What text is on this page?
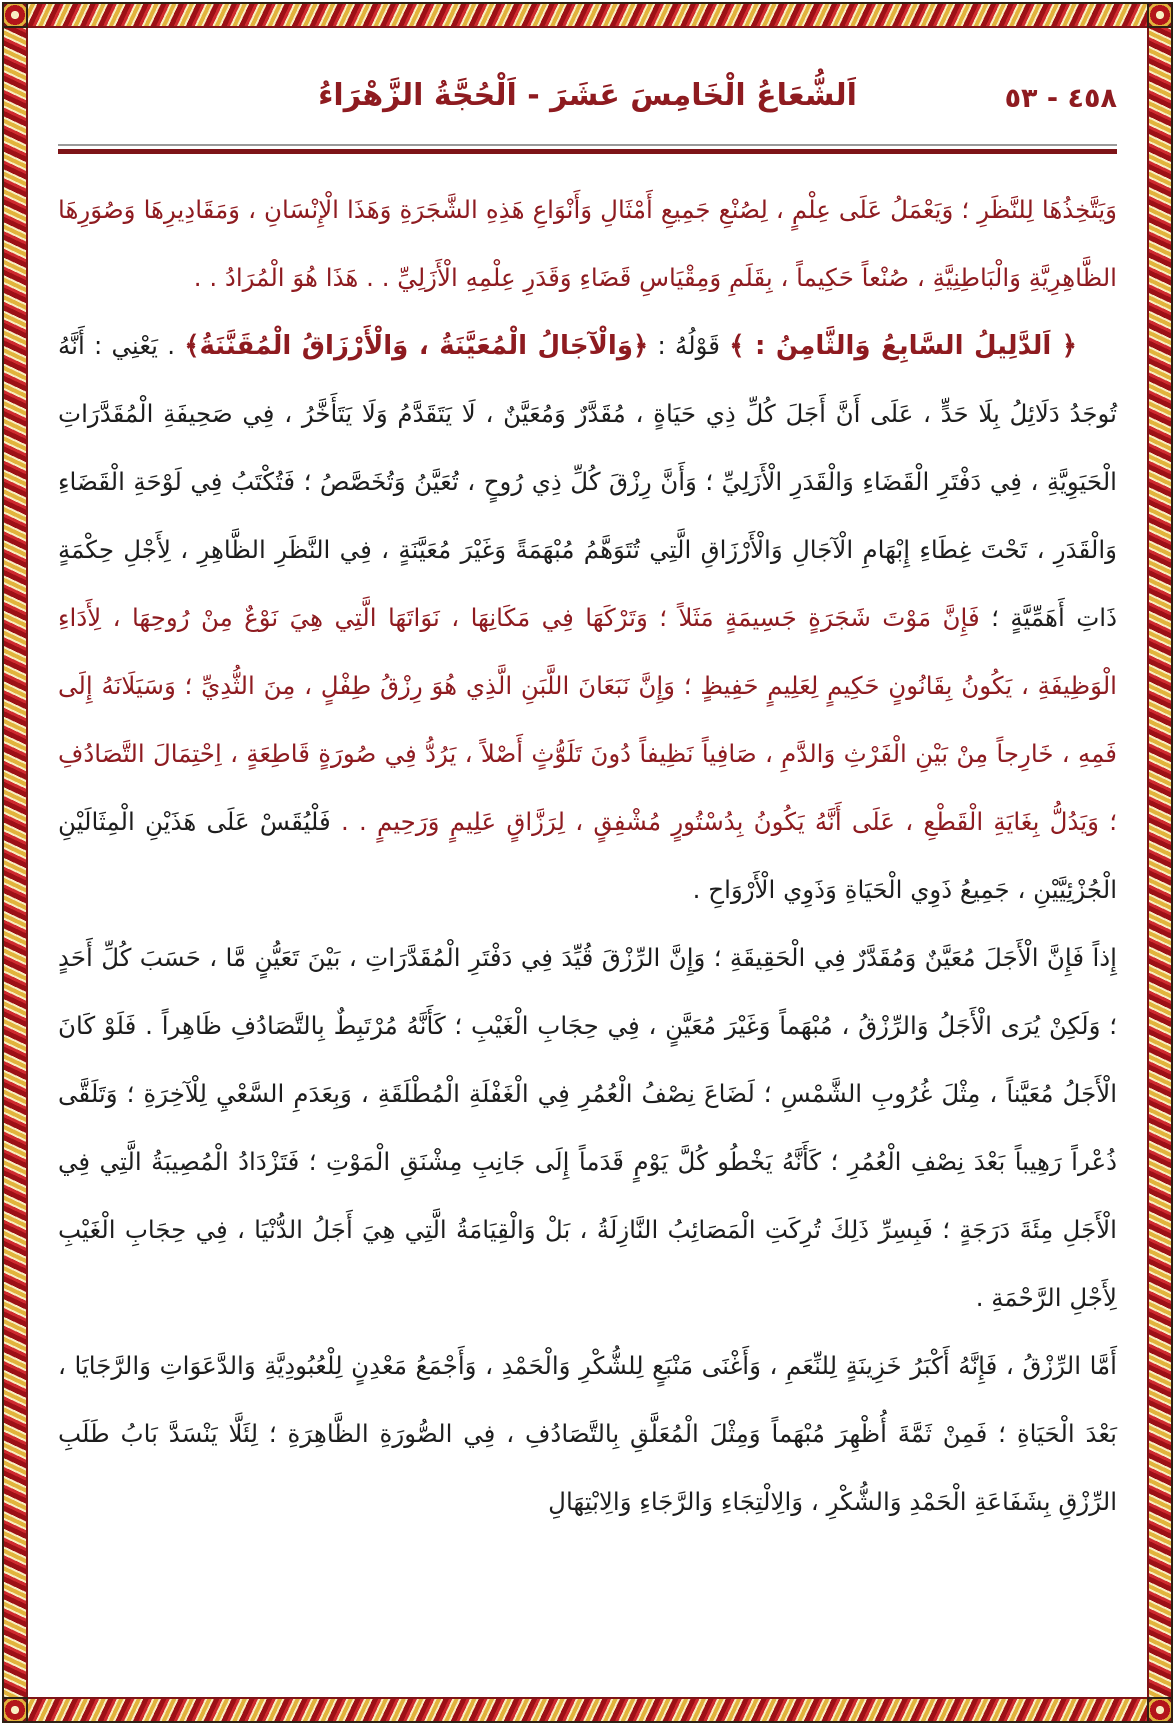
اَلشُّعَاعُ الْخَامِسَ عَشَرَ - اَلْحُجَّةُ الزَّهْرَاءُ	٤٥٨ - ٥٣

وَيَتَّخِذُهَا لِلنَّظَرِ ؛ وَيَعْمَلُ عَلَى عِلْمٍ ، لِصُنْعِ جَمِيعِ أَمْثَالِ وَأَنْوَاعِ هَذِهِ الشَّجَرَةِ وَهَذَا الْإِنْسَانِ ، وَمَقَادِيرِهَا وَصُوَرِهَا الظَّاهِرِيَّةِ وَالْبَاطِنِيَّةِ ، صُنْعاً حَكِيماً ، بِقَلَمِ وَمِقْيَاسِ قَضَاءِ وَقَدَرِ عِلْمِهِ الْأَزَلِيِّ . . هَذَا هُوَ الْمُرَادُ . .

﴿ اَلدَّلِيلُ السَّابِعُ وَالثَّامِنُ : ﴾ قَوْلُهُ : ﴿وَالْآجَالُ الْمُعَيَّنَةُ ، وَالْأَرْزَاقُ الْمُقَنَّنَةُ﴾ . يَعْنِي : أَنَّهُ تُوجَدُ دَلَائِلُ بِلَا حَدٍّ ، عَلَى أَنَّ أَجَلَ كُلِّ ذِي حَيَاةٍ ، مُقَدَّرٌ وَمُعَيَّنٌ ، لَا يَتَقَدَّمُ وَلَا يَتَأَخَّرُ ، فِي صَحِيفَةِ الْمُقَدَّرَاتِ الْحَيَوِيَّةِ ، فِي دَفْتَرِ الْقَضَاءِ وَالْقَدَرِ الْأَزَلِيِّ ؛ وَأَنَّ رِزْقَ كُلِّ ذِي رُوحٍ ، تُعَيَّنُ وَتُخَصَّصُ ؛ فَتُكْتَبُ فِي لَوْحَةِ الْقَضَاءِ وَالْقَدَرِ ، تَحْتَ غِطَاءِ إِبْهَامِ الْآجَالِ وَالْأَرْزَاقِ الَّتِي تُتَوَهَّمُ مُبْهَمَةً وَغَيْرَ مُعَيَّنَةٍ ، فِي النَّظَرِ الظَّاهِرِ ، لِأَجْلِ حِكْمَةٍ ذَاتِ أَهَمِّيَّةٍ ؛ فَإِنَّ مَوْتَ شَجَرَةٍ جَسِيمَةٍ مَثَلاً ؛ وَتَرْكَهَا فِي مَكَانِهَا ، نَوَاتَهَا الَّتِي هِيَ نَوْعٌ مِنْ رُوحِهَا ، لِأَدَاءِ الْوَظِيفَةِ ، يَكُونُ بِقَانُونٍ حَكِيمٍ لِعَلِيمٍ حَفِيظٍ ؛ وَإِنَّ نَبَعَانَ اللَّبَنِ الَّذِي هُوَ رِزْقُ طِفْلٍ ، مِنَ الثُّدِيِّ ؛ وَسَيَلَانَهُ إِلَى فَمِهِ ، خَارِجاً مِنْ بَيْنِ الْفَرْثِ وَالدَّمِ ، صَافِياً نَظِيفاً دُونَ تَلَوُّثٍ أَصْلاً ، يَرُدُّ فِي صُورَةٍ قَاطِعَةٍ ، اِحْتِمَالَ التَّصَادُفِ ؛ وَيَدُلُّ بِغَايَةِ الْقَطْعِ ، عَلَى أَنَّهُ يَكُونُ بِدُسْتُورٍ مُشْفِقٍ ، لِرَزَّاقٍ عَلِيمٍ وَرَحِيمٍ . . فَلْيُقَسْ عَلَى هَذَيْنِ الْمِثَالَيْنِ الْجُزْئِيَّيْنِ ، جَمِيعُ ذَوِي الْحَيَاةِ وَذَوِي الْأَرْوَاحِ .

إِذاً فَإِنَّ الْأَجَلَ مُعَيَّنٌ وَمُقَدَّرٌ فِي الْحَقِيقَةِ ؛ وَإِنَّ الرِّزْقَ قُيِّدَ فِي دَفْتَرِ الْمُقَدَّرَاتِ ، بَيْنَ تَعَيُّنٍ مَّا ، حَسَبَ كُلِّ أَحَدٍ ؛ وَلَكِنْ يُرَى الْأَجَلُ وَالرِّزْقُ ، مُبْهَماً وَغَيْرَ مُعَيَّنٍ ، فِي حِجَابِ الْغَيْبِ ؛ كَأَنَّهُ مُرْتَبِطٌ بِالتَّصَادُفِ ظَاهِراً . فَلَوْ كَانَ الْأَجَلُ مُعَيَّناً ، مِثْلَ غُرُوبِ الشَّمْسِ ؛ لَضَاعَ نِصْفُ الْعُمُرِ فِي الْغَفْلَةِ الْمُطْلَقَةِ ، وَبِعَدَمِ السَّعْيِ لِلْآخِرَةِ ؛ وَتَلَقَّى ذُعْراً رَهِيباً بَعْدَ نِصْفِ الْعُمُرِ ؛ كَأَنَّهُ يَخْطُو كُلَّ يَوْمٍ قَدَماً إِلَى جَانِبِ مِشْنَقِ الْمَوْتِ ؛ فَتَزْدَادُ الْمُصِيبَةُ الَّتِي فِي الْأَجَلِ مِئَةَ دَرَجَةٍ ؛ فَبِسِرِّ ذَلِكَ تُرِكَتِ الْمَصَائِبُ النَّازِلَةُ ، بَلْ وَالْقِيَامَةُ الَّتِي هِيَ أَجَلُ الدُّنْيَا ، فِي حِجَابِ الْغَيْبِ لِأَجْلِ الرَّحْمَةِ .

أَمَّا الرِّزْقُ ، فَإِنَّهُ أَكْبَرُ خَزِينَةٍ لِلنِّعَمِ ، وَأَغْنَى مَنْبَعٍ لِلشُّكْرِ وَالْحَمْدِ ، وَأَجْمَعُ مَعْدِنٍ لِلْعُبُودِيَّةِ وَالدَّعَوَاتِ وَالرَّجَايَا ، بَعْدَ الْحَيَاةِ ؛ فَمِنْ ثَمَّةَ أُظْهِرَ مُبْهَماً وَمِثْلَ الْمُعَلَّقِ بِالتَّصَادُفِ ، فِي الصُّورَةِ الظَّاهِرَةِ ؛ لِئَلَّا يَنْسَدَّ بَابُ طَلَبِ الرِّزْقِ بِشَفَاعَةِ الْحَمْدِ وَالشُّكْرِ ، وَالِالْتِجَاءِ وَالرَّجَاءِ وَالِابْتِهَالِ
